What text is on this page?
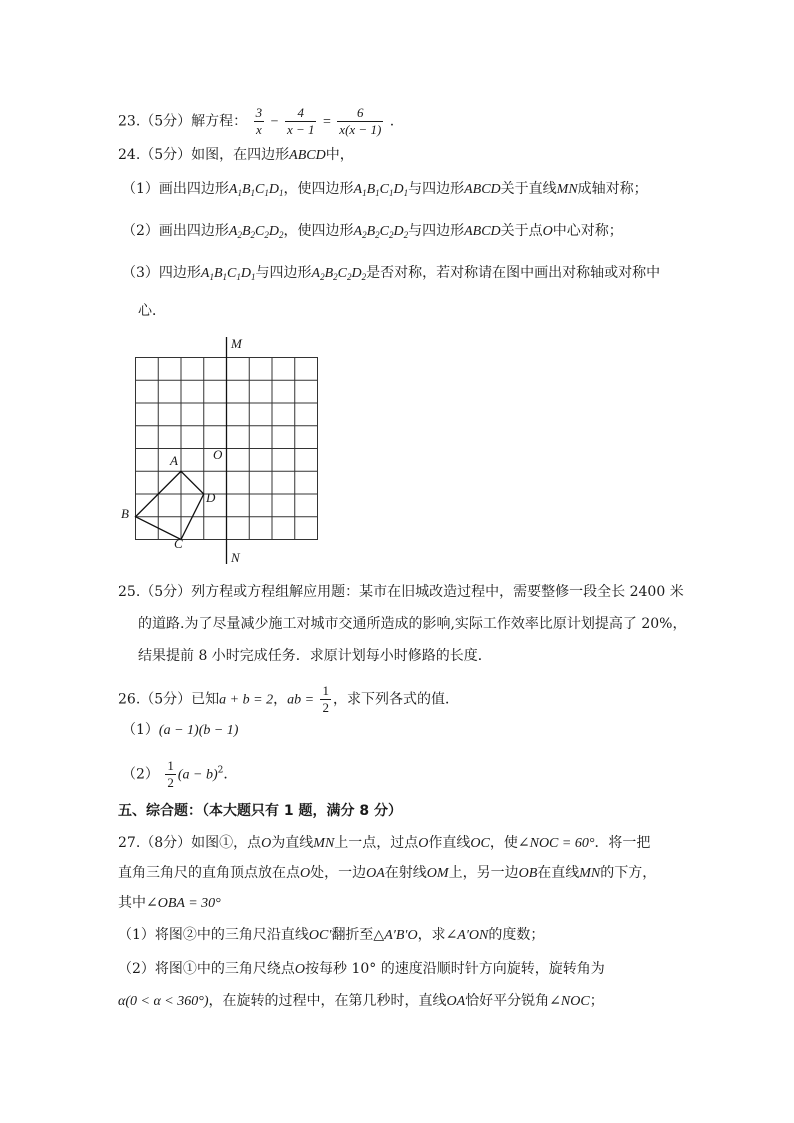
23.（5分）解方程： $\frac{3}{x} - \frac{4}{x - 1} = \frac{6}{x(x - 1)}$ .
24.（5分）如图，在四边形ABCD中，
（1）画出四边形$A_1B_1C_1D_1$，使四边形$A_1B_1C_1D_1$与四边形ABCD关于直线MN成轴对称；
（2）画出四边形$A_2B_2C_2D_2$，使四边形$A_2B_2C_2D_2$与四边形ABCD关于点O中心对称；
（3）四边形$A_1B_1C_1D_1$与四边形$A_2B_2C_2D_2$是否对称，若对称请在图中画出对称轴或对称中
心．
M
N
O
A
B
C
D
25.（5分）列方程或方程组解应用题：某市在旧城改造过程中，需要整修一段全长 2400 米
的道路.为了尽量减少施工对城市交通所造成的影响,实际工作效率比原计划提高了 20%，
结果提前 8 小时完成任务．求原计划每小时修路的长度．
26.（5分）已知a + b = 2，ab = $\frac{1}{2}$ ，求下列各式的值．
（1）(a − 1)(b − 1)
$(2) \frac{1}{2} (a - b)^2$．
五、综合题：（本大题只有 1 题，满分 8 分）
27.（8分）如图①，点O为直线MN上一点，过点O作直线OC，使∠NOC = 60°．将一把
直角三角尺的直角顶点放在点O处，一边OA在射线OM上，另一边OB在直线MN的下方，
其中∠OBA = 30°
（1）将图②中的三角尺沿直线OC′翻折至△A′B′O，求∠A′ON的度数；
（2）将图①中的三角尺绕点O按每秒 10° 的速度沿顺时针方向旋转，旋转角为
α(0 < α < 360°)，在旋转的过程中，在第几秒时，直线OA恰好平分锐角∠NOC；
